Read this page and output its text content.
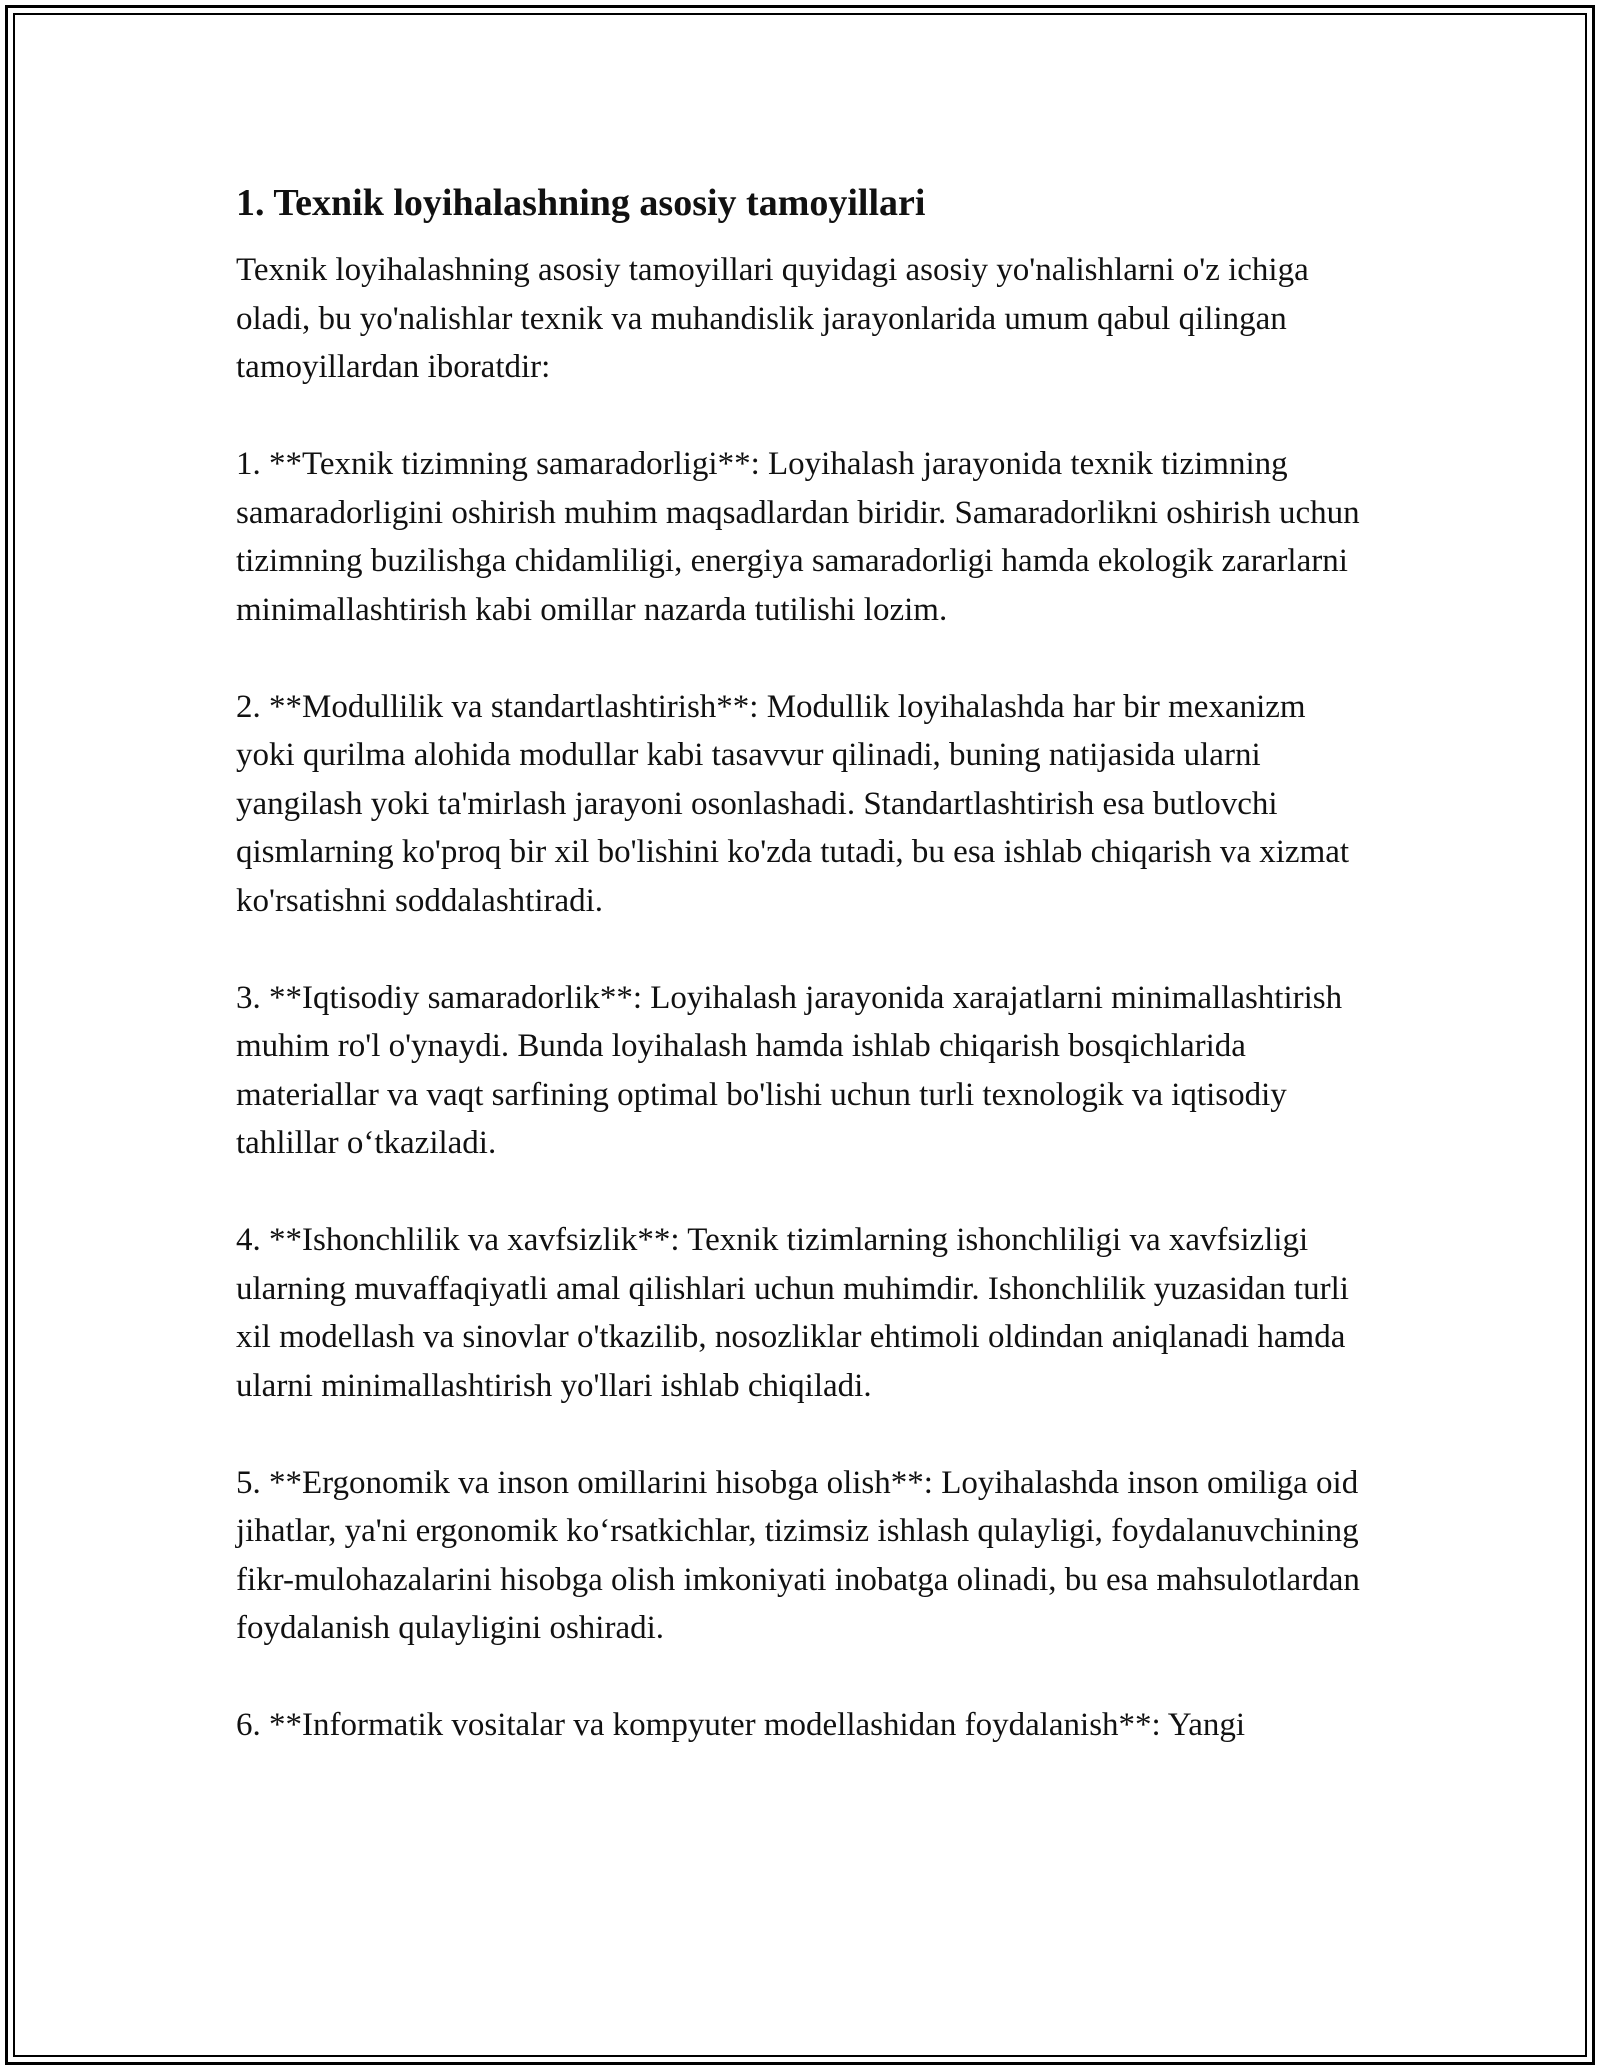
1. Texnik loyihalashning asosiy tamoyillari

Texnik loyihalashning asosiy tamoyillari quyidagi asosiy yo'nalishlarni o'z ichiga oladi, bu yo'nalishlar texnik va muhandislik jarayonlarida umum qabul qilingan tamoyillardan iboratdir:

1. **Texnik tizimning samaradorligi**: Loyihalash jarayonida texnik tizimning samaradorligini oshirish muhim maqsadlardan biridir. Samaradorlikni oshirish uchun tizimning buzilishga chidamliligi, energiya samaradorligi hamda ekologik zararlarni minimallashtirish kabi omillar nazarda tutilishi lozim.

2. **Modullilik va standartlashtirish**: Modullik loyihalashda har bir mexanizm yoki qurilma alohida modullar kabi tasavvur qilinadi, buning natijasida ularni yangilash yoki ta'mirlash jarayoni osonlashadi. Standartlashtirish esa butlovchi qismlarning ko'proq bir xil bo'lishini ko'zda tutadi, bu esa ishlab chiqarish va xizmat ko'rsatishni soddalashtiradi.

3. **Iqtisodiy samaradorlik**: Loyihalash jarayonida xarajatlarni minimallashtirish muhim ro'l o'ynaydi. Bunda loyihalash hamda ishlab chiqarish bosqichlarida materiallar va vaqt sarfining optimal bo'lishi uchun turli texnologik va iqtisodiy tahlillar o‘tkaziladi.

4. **Ishonchlilik va xavfsizlik**: Texnik tizimlarning ishonchliligi va xavfsizligi ularning muvaffaqiyatli amal qilishlari uchun muhimdir. Ishonchlilik yuzasidan turli xil modellash va sinovlar o'tkazilib, nosozliklar ehtimoli oldindan aniqlanadi hamda ularni minimallashtirish yo'llari ishlab chiqiladi.

5. **Ergonomik va inson omillarini hisobga olish**: Loyihalashda inson omiliga oid jihatlar, ya'ni ergonomik ko‘rsatkichlar, tizimsiz ishlash qulayligi, foydalanuvchining fikr-mulohazalarini hisobga olish imkoniyati inobatga olinadi, bu esa mahsulotlardan foydalanish qulayligini oshiradi.

6. **Informatik vositalar va kompyuter modellashidan foydalanish**: Yangi
